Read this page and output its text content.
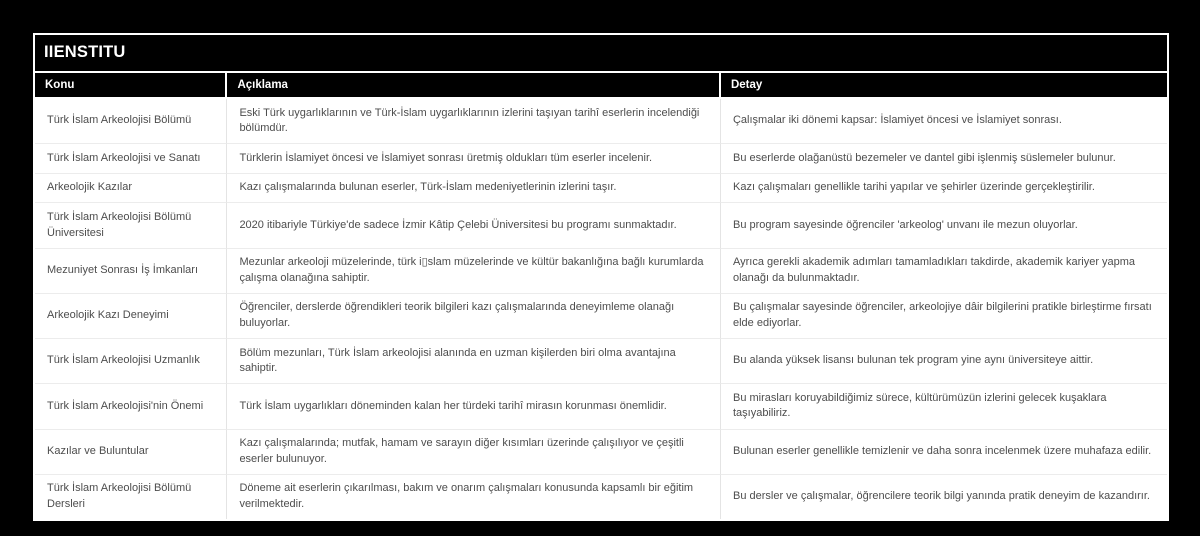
IIENSTITU
Konu	Açıklama	Detay
Türk İslam Arkeolojisi Bölümü	Eski Türk uygarlıklarının ve Türk-İslam uygarlıklarının izlerini taşıyan tarihî eserlerin incelendiği bölümdür.	Çalışmalar iki dönemi kapsar: İslamiyet öncesi ve İslamiyet sonrası.
Türk İslam Arkeolojisi ve Sanatı	Türklerin İslamiyet öncesi ve İslamiyet sonrası üretmiş oldukları tüm eserler incelenir.	Bu eserlerde olağanüstü bezemeler ve dantel gibi işlenmiş süslemeler bulunur.
Arkeolojik Kazılar	Kazı çalışmalarında bulunan eserler, Türk-İslam medeniyetlerinin izlerini taşır.	Kazı çalışmaları genellikle tarihi yapılar ve şehirler üzerinde gerçekleştirilir.
Türk İslam Arkeolojisi Bölümü Üniversitesi	2020 itibariyle Türkiye'de sadece İzmir Kâtip Çelebi Üniversitesi bu programı sunmaktadır.	Bu program sayesinde öğrenciler 'arkeolog' unvanı ile mezun oluyorlar.
Mezuniyet Sonrası İş İmkanları	Mezunlar arkeoloji müzelerinde, türk i▯slam müzelerinde ve kültür bakanlığına bağlı kurumlarda çalışma olanağına sahiptir.	Ayrıca gerekli akademik adımları tamamladıkları takdirde, akademik kariyer yapma olanağı da bulunmaktadır.
Arkeolojik Kazı Deneyimi	Öğrenciler, derslerde öğrendikleri teorik bilgileri kazı çalışmalarında deneyimleme olanağı buluyorlar.	Bu çalışmalar sayesinde öğrenciler, arkeolojiye dâir bilgilerini pratikle birleştirme fırsatı elde ediyorlar.
Türk İslam Arkeolojisi Uzmanlık	Bölüm mezunları, Türk İslam arkeolojisi alanında en uzman kişilerden biri olma avantajına sahiptir.	Bu alanda yüksek lisansı bulunan tek program yine aynı üniversiteye aittir.
Türk İslam Arkeolojisi'nin Önemi	Türk İslam uygarlıkları döneminden kalan her türdeki tarihî mirasın korunması önemlidir.	Bu mirasları koruyabildiğimiz sürece, kültürümüzün izlerini gelecek kuşaklara taşıyabiliriz.
Kazılar ve Buluntular	Kazı çalışmalarında; mutfak, hamam ve sarayın diğer kısımları üzerinde çalışılıyor ve çeşitli eserler bulunuyor.	Bulunan eserler genellikle temizlenir ve daha sonra incelenmek üzere muhafaza edilir.
Türk İslam Arkeolojisi Bölümü Dersleri	Döneme ait eserlerin çıkarılması, bakım ve onarım çalışmaları konusunda kapsamlı bir eğitim verilmektedir.	Bu dersler ve çalışmalar, öğrencilere teorik bilgi yanında pratik deneyim de kazandırır.
